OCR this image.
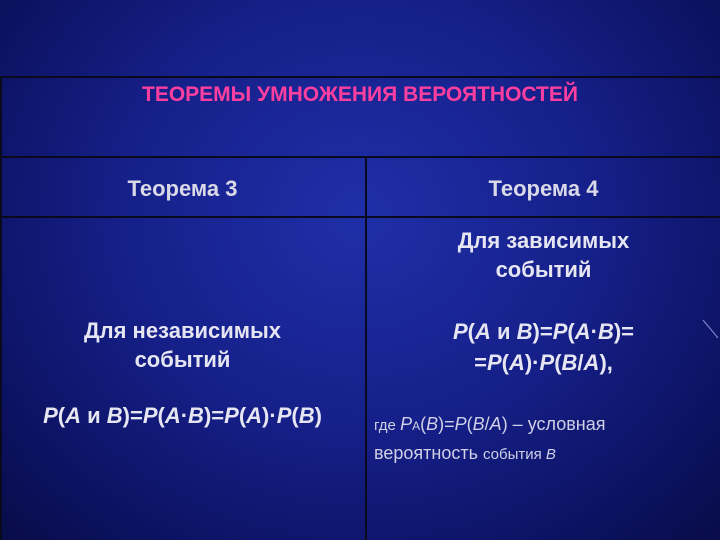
ТЕОРЕМЫ УМНОЖЕНИЯ ВЕРОЯТНОСТЕЙ
Теорема 3	Теорема 4
Для зависимых
событий
Для независимых
событий
P(A и B)=P(A·B)=
=P(A)·P(B/A),
P(A и B)=P(A·B)=P(A)·P(B)	где PA(B)=P(B/A) – условная
вероятность события B
